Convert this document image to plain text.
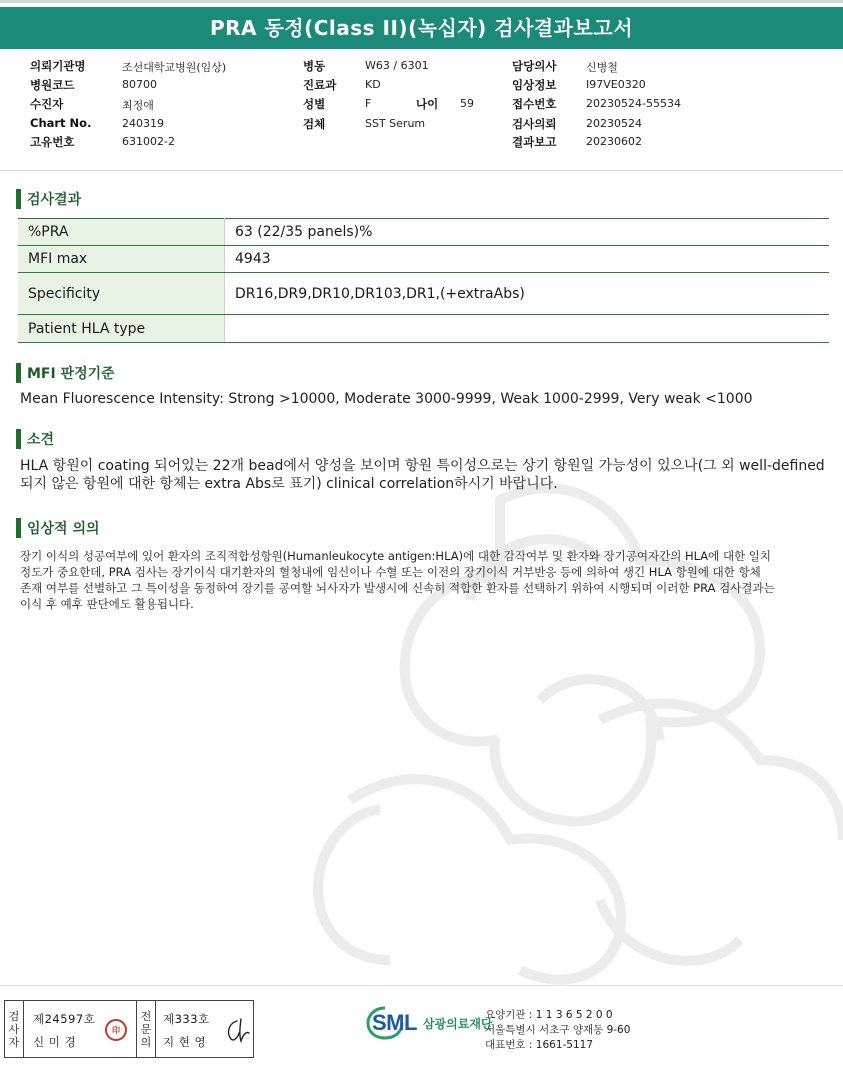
PRA 동정(Class II)(녹십자) 검사결과보고서
의뢰기관명	조선대학교병원(임상)
병원코드	80700
수진자	최정애
Chart No.	240319
고유번호	631002-2
병동	W63 / 6301
진료과	KD
성별	F	나이 59
검체	SST Serum
담당의사	신병철
임상정보	I97VE0320
접수번호	20230524-55534
검사의뢰	20230524
결과보고	20230602
검사결과
%PRA	63 (22/35 panels)%
MFI max	4943
Specificity	DR16,DR9,DR10,DR103,DR1,(+extraAbs)
Patient HLA type	
MFI 판정기준
Mean Fluorescence Intensity: Strong >10000, Moderate 3000-9999, Weak 1000-2999, Very weak <1000
소견
HLA 항원이 coating 되어있는 22개 bead에서 양성을 보이며 항원 특이성으로는 상기 항원일 가능성이 있으나(그 외 well-defined
되지 않은 항원에 대한 항체는 extra Abs로 표기) clinical correlation하시기 바랍니다.
임상적 의의
장기 이식의 성공여부에 있어 환자의 조직적합성항원(Humanleukocyte antigen:HLA)에 대한 감작여부 및 환자와 장기공여자간의 HLA에 대한 일치
정도가 중요한데, PRA 검사는 장기이식 대기환자의 혈청내에 임신이나 수혈 또는 이전의 장기이식 거부반응 등에 의하여 생긴 HLA 항원에 대한 항체
존재 여부를 선별하고 그 특이성을 동정하여 장기를 공여할 뇌사자가 발생시에 신속히 적합한 환자를 선택하기 위하여 시행되며 이러한 PRA 검사결과는
이식 후 예후 판단에도 활용됩니다.
검
사
자
제24597호
신 미 경
印
전
문
의
제333호
지 현 영
SML 삼광의료재단
요양기관 : 1 1 3 6 5 2 0 0
서울특별시 서초구 양재동 9-60
대표번호 : 1661-5117
